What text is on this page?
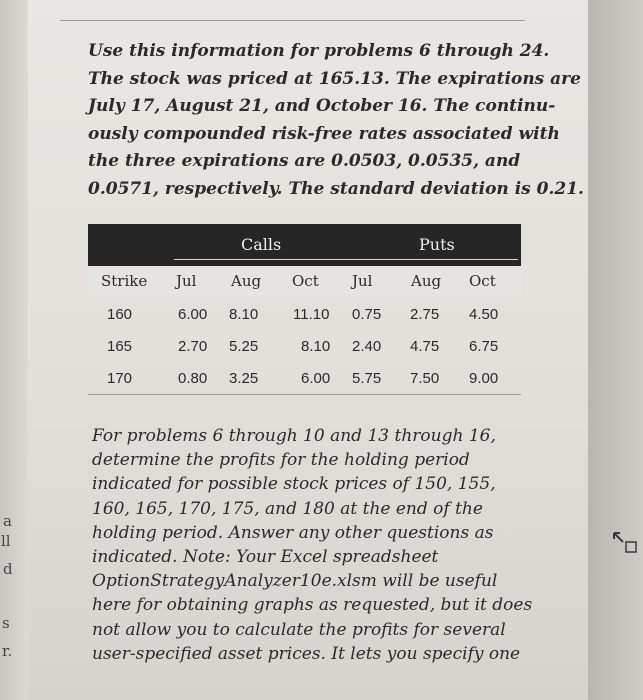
a
ll
d
s
r.
Use this information for problems 6 through 24.
The stock was priced at 165.13. The expirations are
July 17, August 21, and October 16. The continu-
ously compounded risk-free rates associated with
the three expirations are 0.0503, 0.0535, and
0.0571, respectively. The standard deviation is 0.21.
Calls	Puts
Strike Jul Aug Oct Jul	Aug Oct
160	6.00 8.10 11.10 0.75 2.75 4.50
165	2.70 5.25	8.10 2.40 4.75 6.75
170	0.80 3.25	6.00 5.75 7.50 9.00
For problems 6 through 10 and 13 through 16,
determine the profits for the holding period
indicated for possible stock prices of 150, 155,
160, 165, 170, 175, and 180 at the end of the
holding period. Answer any other questions as
indicated. Note: Your Excel spreadsheet
OptionStrategyAnalyzer10e.xlsm will be useful
here for obtaining graphs as requested, but it does
not allow you to calculate the profits for several
user-specified asset prices. It lets you specify one
